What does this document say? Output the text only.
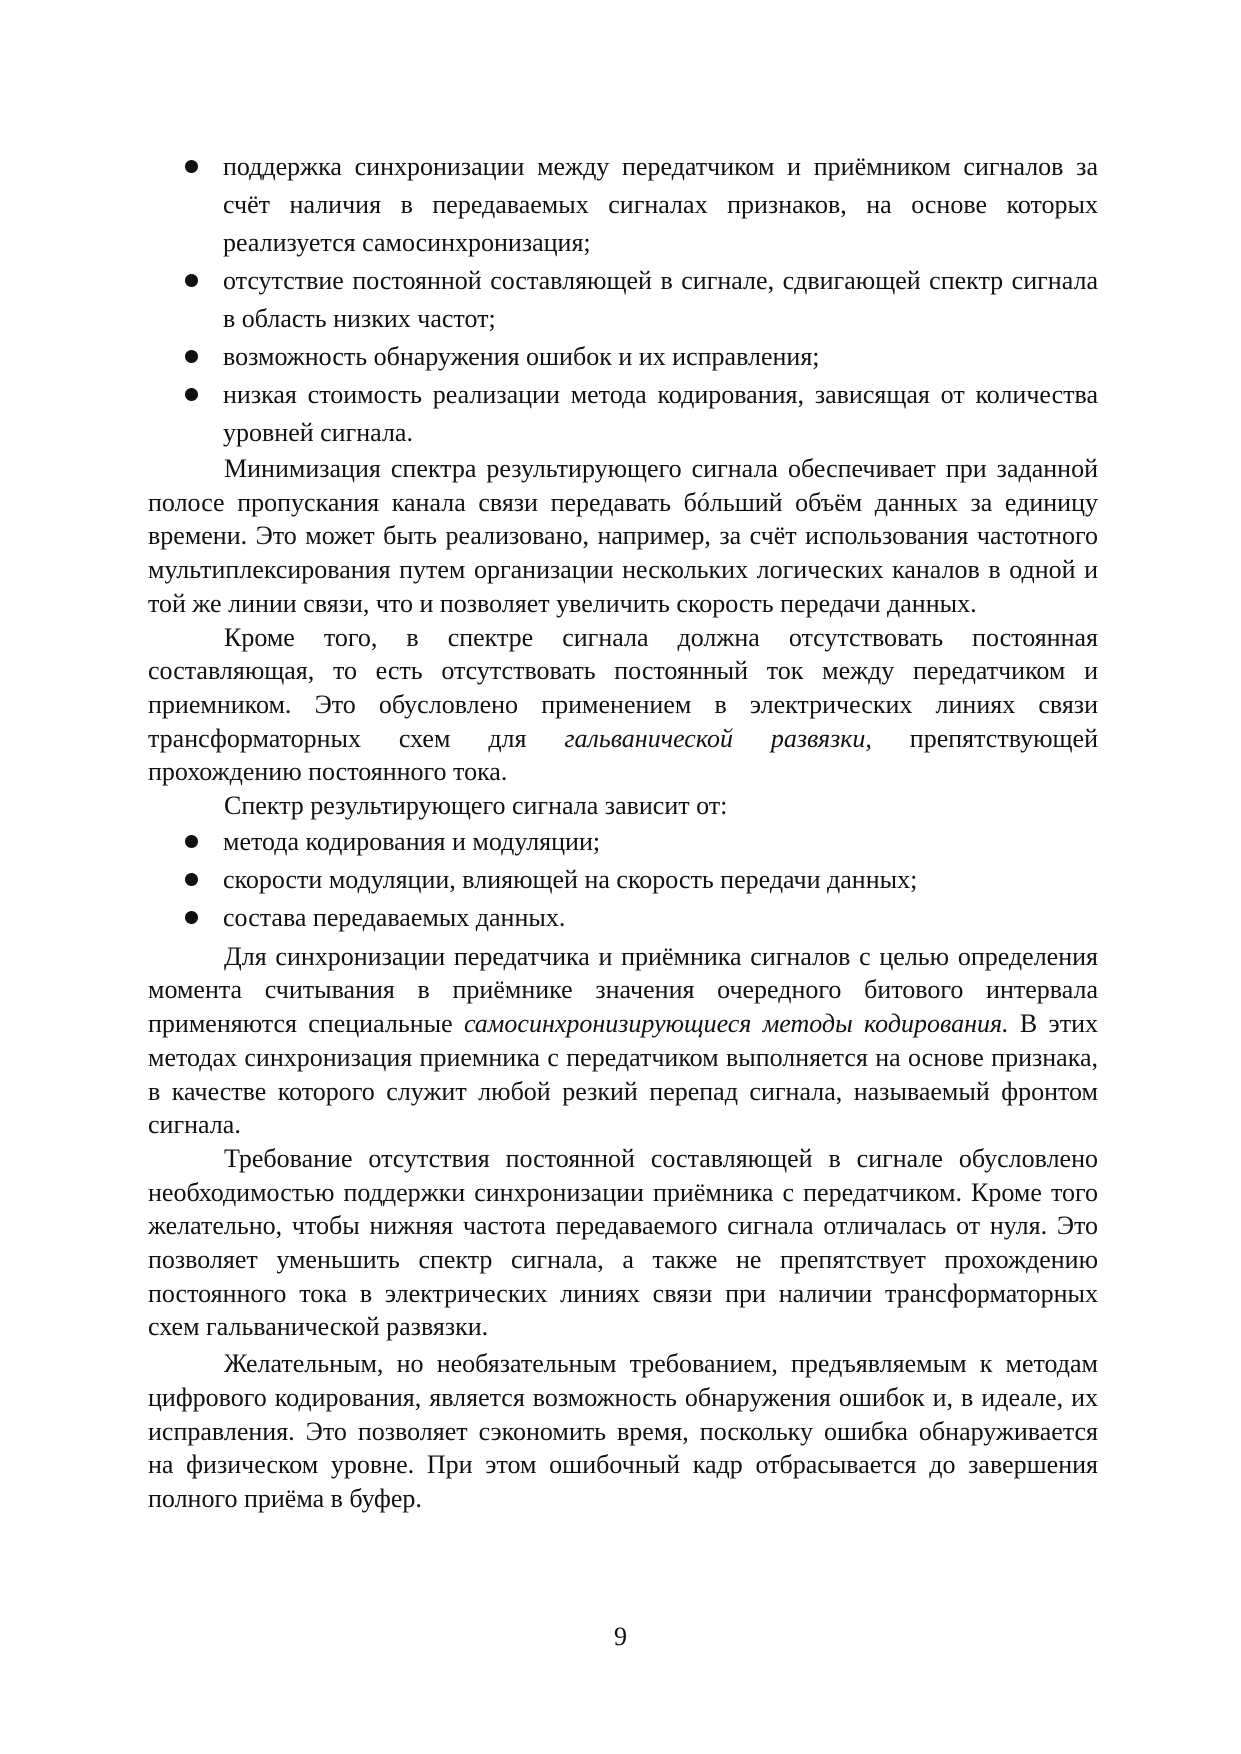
поддержка синхронизации между передатчиком и приёмником сигналов за счёт наличия в передаваемых сигналах признаков, на основе которых реализуется самосинхронизация;
отсутствие постоянной составляющей в сигнале, сдвигающей спектр сигнала в область низких частот;
возможность обнаружения ошибок и их исправления;
низкая стоимость реализации метода кодирования, зависящая от количества уровней сигнала.

Минимизация спектра результирующего сигнала обеспечивает при заданной полосе пропускания канала связи передавать бóльший объём данных за единицу времени. Это может быть реализовано, например, за счёт использования частотного мультиплексирования путем организации нескольких логических каналов в одной и той же линии связи, что и позволяет увеличить скорость передачи данных.

Кроме того, в спектре сигнала должна отсутствовать постоянная составляющая, то есть отсутствовать постоянный ток между передатчиком и приемником. Это обусловлено применением в электрических линиях связи трансформаторных схем для гальванической развязки, препятствующей прохождению постоянного тока.

Спектр результирующего сигнала зависит от:

метода кодирования и модуляции;
скорости модуляции, влияющей на скорость передачи данных;
состава передаваемых данных.

Для синхронизации передатчика и приёмника сигналов с целью определения момента считывания в приёмнике значения очередного битового интервала применяются специальные самосинхронизирующиеся методы кодирования. В этих методах синхронизация приемника с передатчиком выполняется на основе признака, в качестве которого служит любой резкий перепад сигнала, называемый фронтом сигнала.

Требование отсутствия постоянной составляющей в сигнале обусловлено необходимостью поддержки синхронизации приёмника с передатчиком. Кроме того желательно, чтобы нижняя частота передаваемого сигнала отличалась от нуля. Это позволяет уменьшить спектр сигнала, а также не препятствует прохождению постоянного тока в электрических линиях связи при наличии трансформаторных схем гальванической развязки.

Желательным, но необязательным требованием, предъявляемым к методам цифрового кодирования, является возможность обнаружения ошибок и, в идеале, их исправления. Это позволяет сэкономить время, поскольку ошибка обнаруживается на физическом уровне. При этом ошибочный кадр отбрасывается до завершения полного приёма в буфер.

9
